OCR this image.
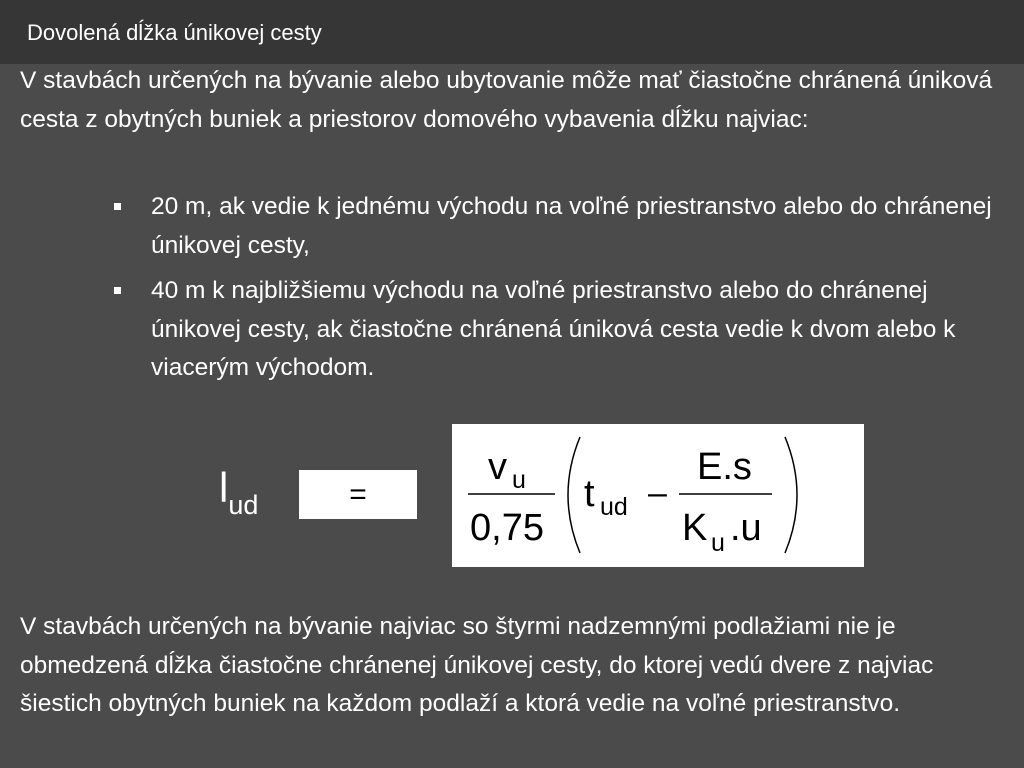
Dovolená dĺžka únikovej cesty
V stavbách určených na bývanie alebo ubytovanie môže mať čiastočne chránená úniková cesta z obytných buniek a priestorov domového vybavenia dĺžku najviac:
20 m, ak vedie k jednému východu na voľné priestranstvo alebo do chránenej únikovej cesty,
40 m k najbližšiemu východu na voľné priestranstvo alebo do chránenej únikovej cesty, ak čiastočne chránená úniková cesta vedie k dvom alebo k viacerým východom.
$l_{ud}$	=
v u
0,75
t ud –
E.s
K u .u
V stavbách určených na bývanie najviac so štyrmi nadzemnými podlažiami nie je obmedzená dĺžka čiastočne chránenej únikovej cesty, do ktorej vedú dvere z najviac šiestich obytných buniek na každom podlaží a ktorá vedie na voľné priestranstvo.
